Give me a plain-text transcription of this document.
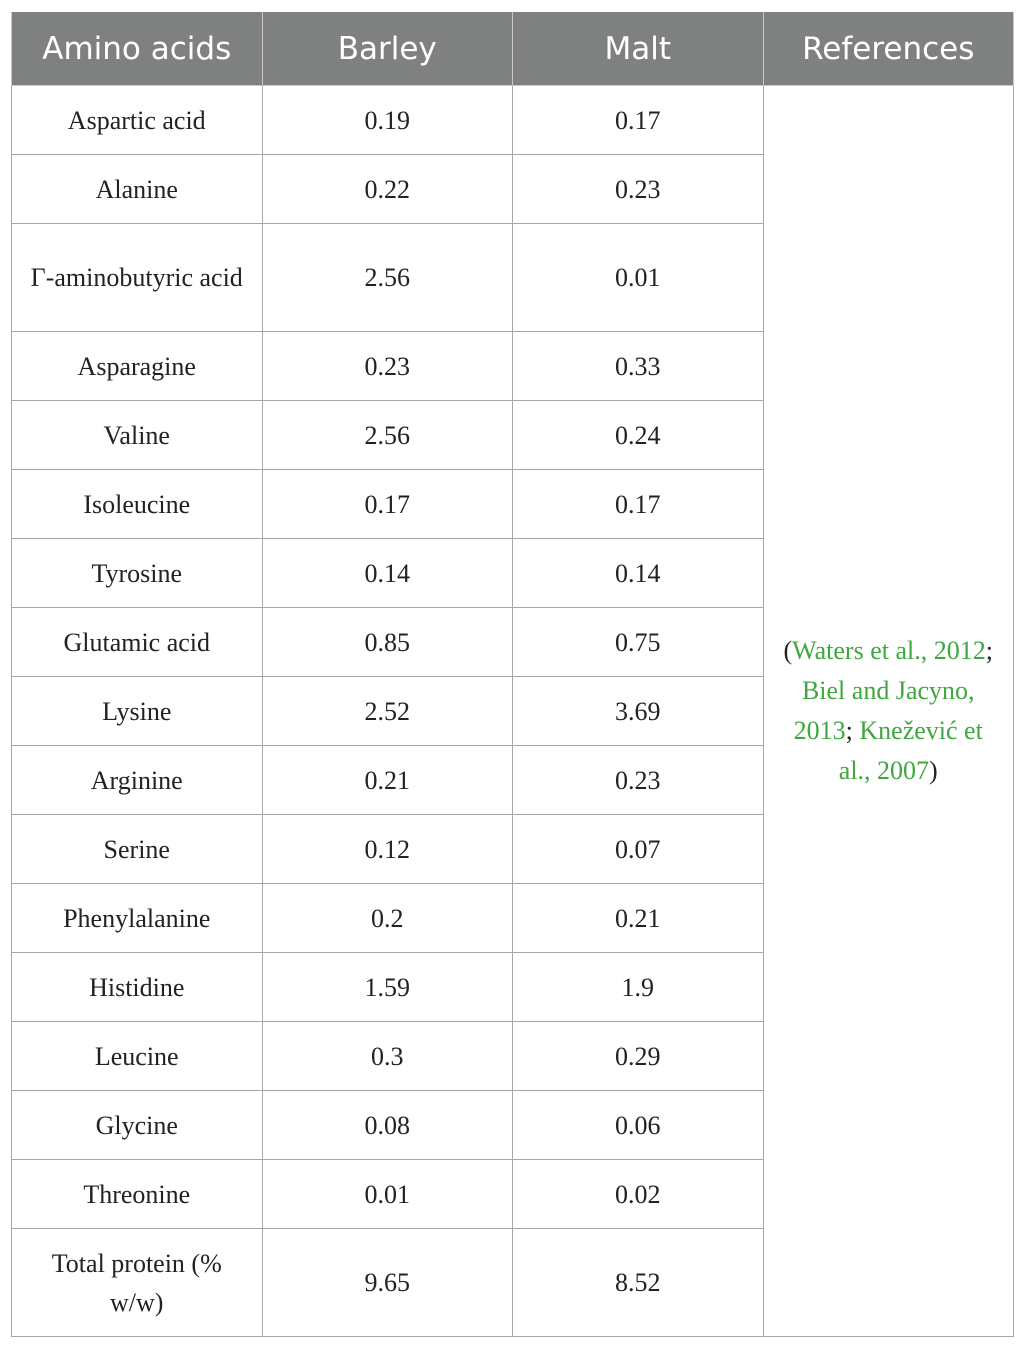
Amino acids	Barley	Malt	References
Aspartic acid	0.19	0.17	(Waters et al., 2012; Biel and Jacyno, 2013; Knežević et al., 2007)
Alanine	0.22	0.23	
Γ-aminobutyric acid	2.56	0.01	
Asparagine	0.23	0.33	
Valine	2.56	0.24	
Isoleucine	0.17	0.17	
Tyrosine	0.14	0.14	
Glutamic acid	0.85	0.75	
Lysine	2.52	3.69	
Arginine	0.21	0.23	
Serine	0.12	0.07	
Phenylalanine	0.2	0.21	
Histidine	1.59	1.9	
Leucine	0.3	0.29	
Glycine	0.08	0.06	
Threonine	0.01	0.02	
Total protein (% w/w)	9.65	8.52	
